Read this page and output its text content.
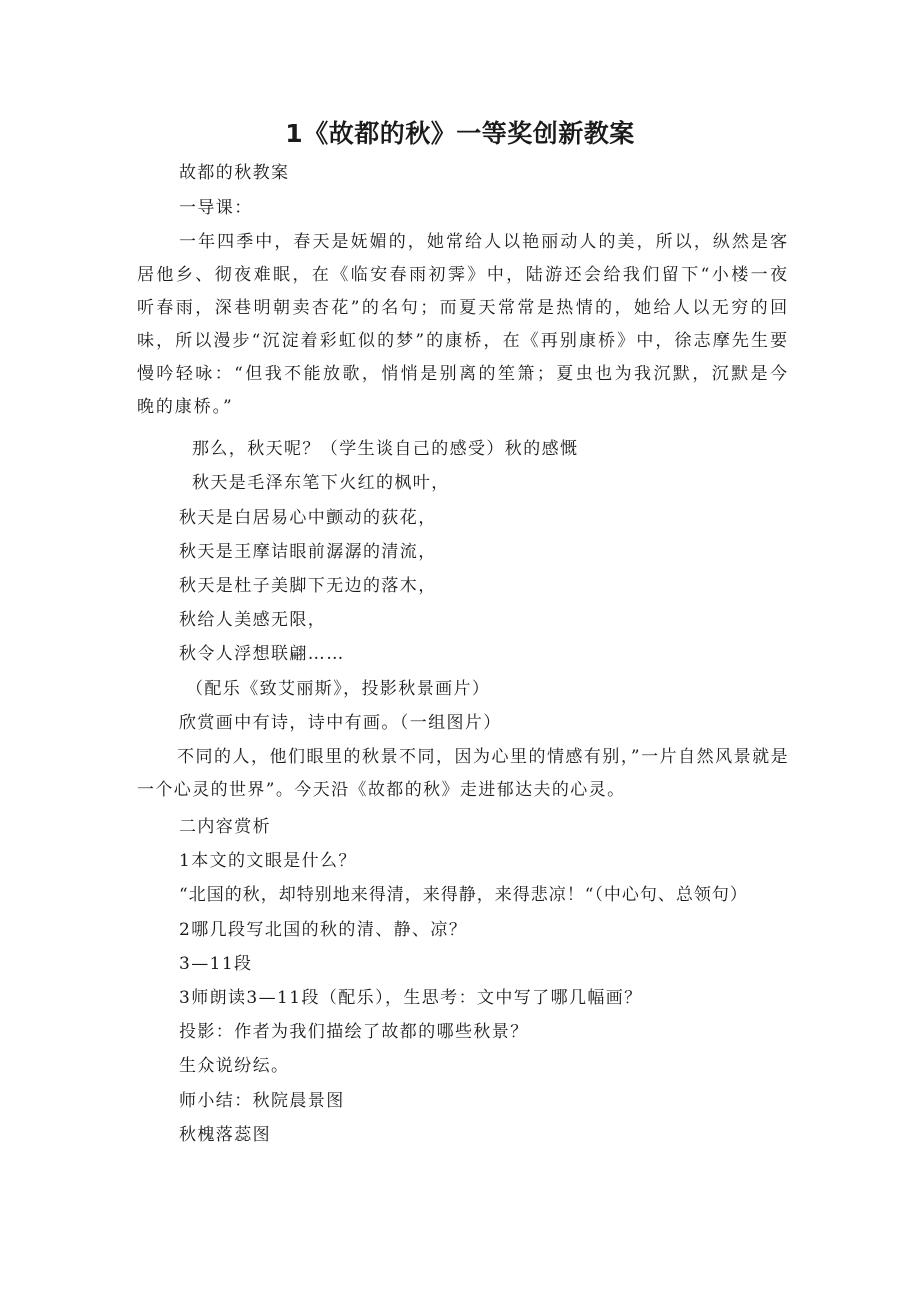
1《故都的秋》一等奖创新教案
故都的秋教案
一导课：
一年四季中，春天是妩媚的，她常给人以艳丽动人的美，所以，纵然是客居他乡、彻夜难眠，在《临安春雨初霁》中，陆游还会给我们留下“小楼一夜听春雨，深巷明朝卖杏花”的名句；而夏天常常是热情的，她给人以无穷的回味，所以漫步“沉淀着彩虹似的梦”的康桥，在《再别康桥》中，徐志摩先生要慢吟轻咏：“但我不能放歌，悄悄是别离的笙箫；夏虫也为我沉默，沉默是今晚的康桥。”
那么，秋天呢？（学生谈自己的感受）秋的感慨
秋天是毛泽东笔下火红的枫叶，
秋天是白居易心中颤动的荻花，
秋天是王摩诘眼前潺潺的清流，
秋天是杜子美脚下无边的落木，
秋给人美感无限，
秋令人浮想联翩……
（配乐《致艾丽斯》，投影秋景画片）
欣赏画中有诗，诗中有画。（一组图片）
不同的人，他们眼里的秋景不同，因为心里的情感有别，”一片自然风景就是一个心灵的世界”。今天沿《故都的秋》走进郁达夫的心灵。
二内容赏析
1本文的文眼是什么？
“北国的秋，却特别地来得清，来得静，来得悲凉！“（中心句、总领句）
2哪几段写北国的秋的清、静、凉？
3—11段
3师朗读3—11段（配乐），生思考：文中写了哪几幅画？
投影：作者为我们描绘了故都的哪些秋景？
生众说纷纭。
师小结：秋院晨景图
秋槐落蕊图
